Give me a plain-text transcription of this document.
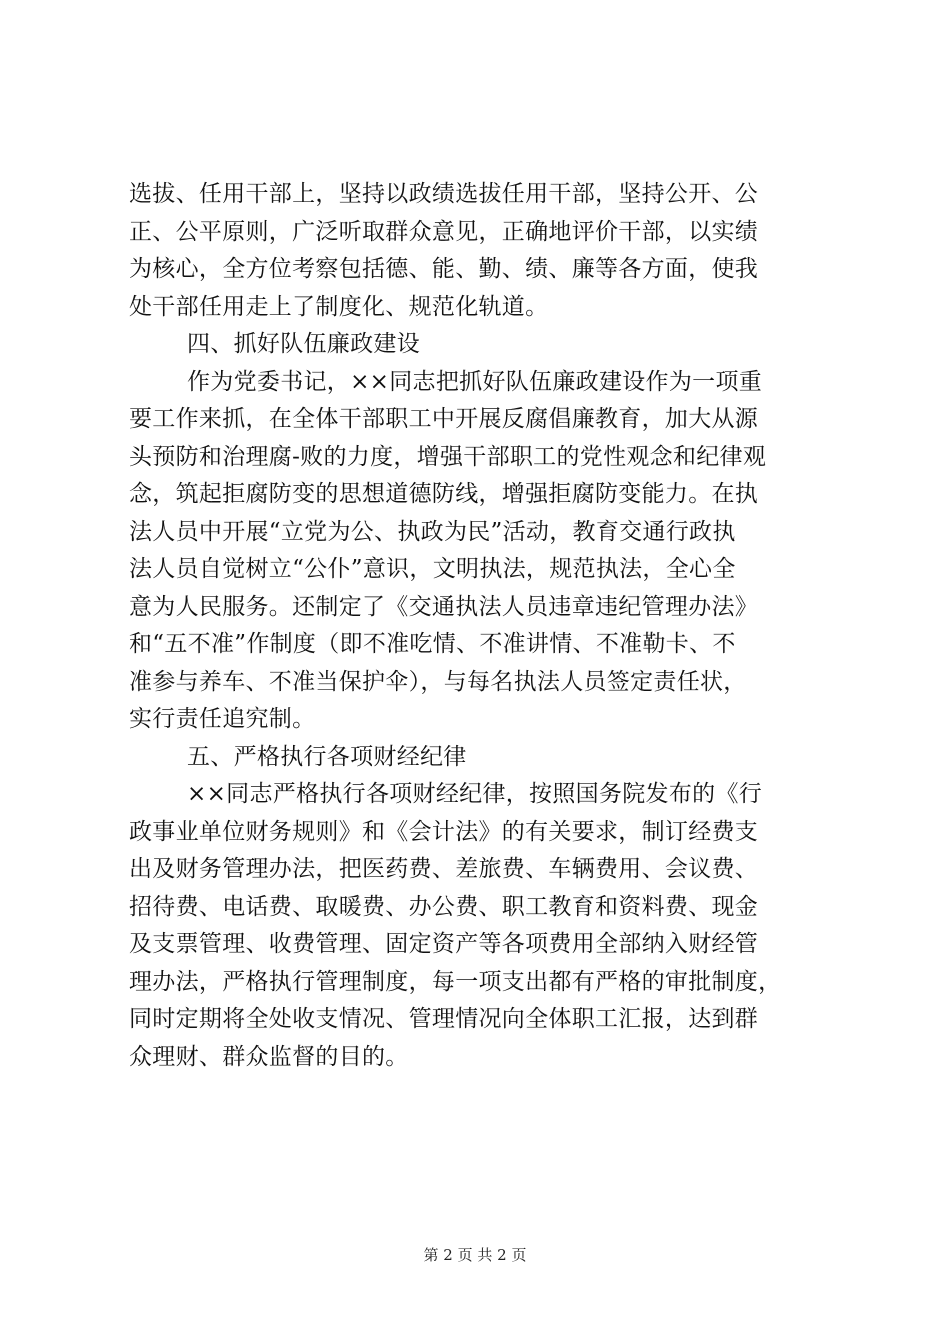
选拔、任用干部上，坚持以政绩选拔任用干部，坚持公开、公
正、公平原则，广泛听取群众意见，正确地评价干部，以实绩
为核心，全方位考察包括德、能、勤、绩、廉等各方面，使我
处干部任用走上了制度化、规范化轨道。
四、抓好队伍廉政建设
作为党委书记，××同志把抓好队伍廉政建设作为一项重
要工作来抓，在全体干部职工中开展反腐倡廉教育，加大从源
头预防和治理腐-败的力度，增强干部职工的党性观念和纪律观
念，筑起拒腐防变的思想道德防线，增强拒腐防变能力。在执
法人员中开展“立党为公、执政为民”活动，教育交通行政执
法人员自觉树立“公仆”意识，文明执法，规范执法，全心全
意为人民服务。还制定了《交通执法人员违章违纪管理办法》
和“五不准”作制度（即不准吃情、不准讲情、不准勒卡、不
准参与养车、不准当保护伞），与每名执法人员签定责任状，
实行责任追究制。
五、严格执行各项财经纪律
××同志严格执行各项财经纪律，按照国务院发布的《行
政事业单位财务规则》和《会计法》的有关要求，制订经费支
出及财务管理办法，把医药费、差旅费、车辆费用、会议费、
招待费、电话费、取暖费、办公费、职工教育和资料费、现金
及支票管理、收费管理、固定资产等各项费用全部纳入财经管
理办法，严格执行管理制度，每一项支出都有严格的审批制度，
同时定期将全处收支情况、管理情况向全体职工汇报，达到群
众理财、群众监督的目的。
第 2 页 共 2 页
